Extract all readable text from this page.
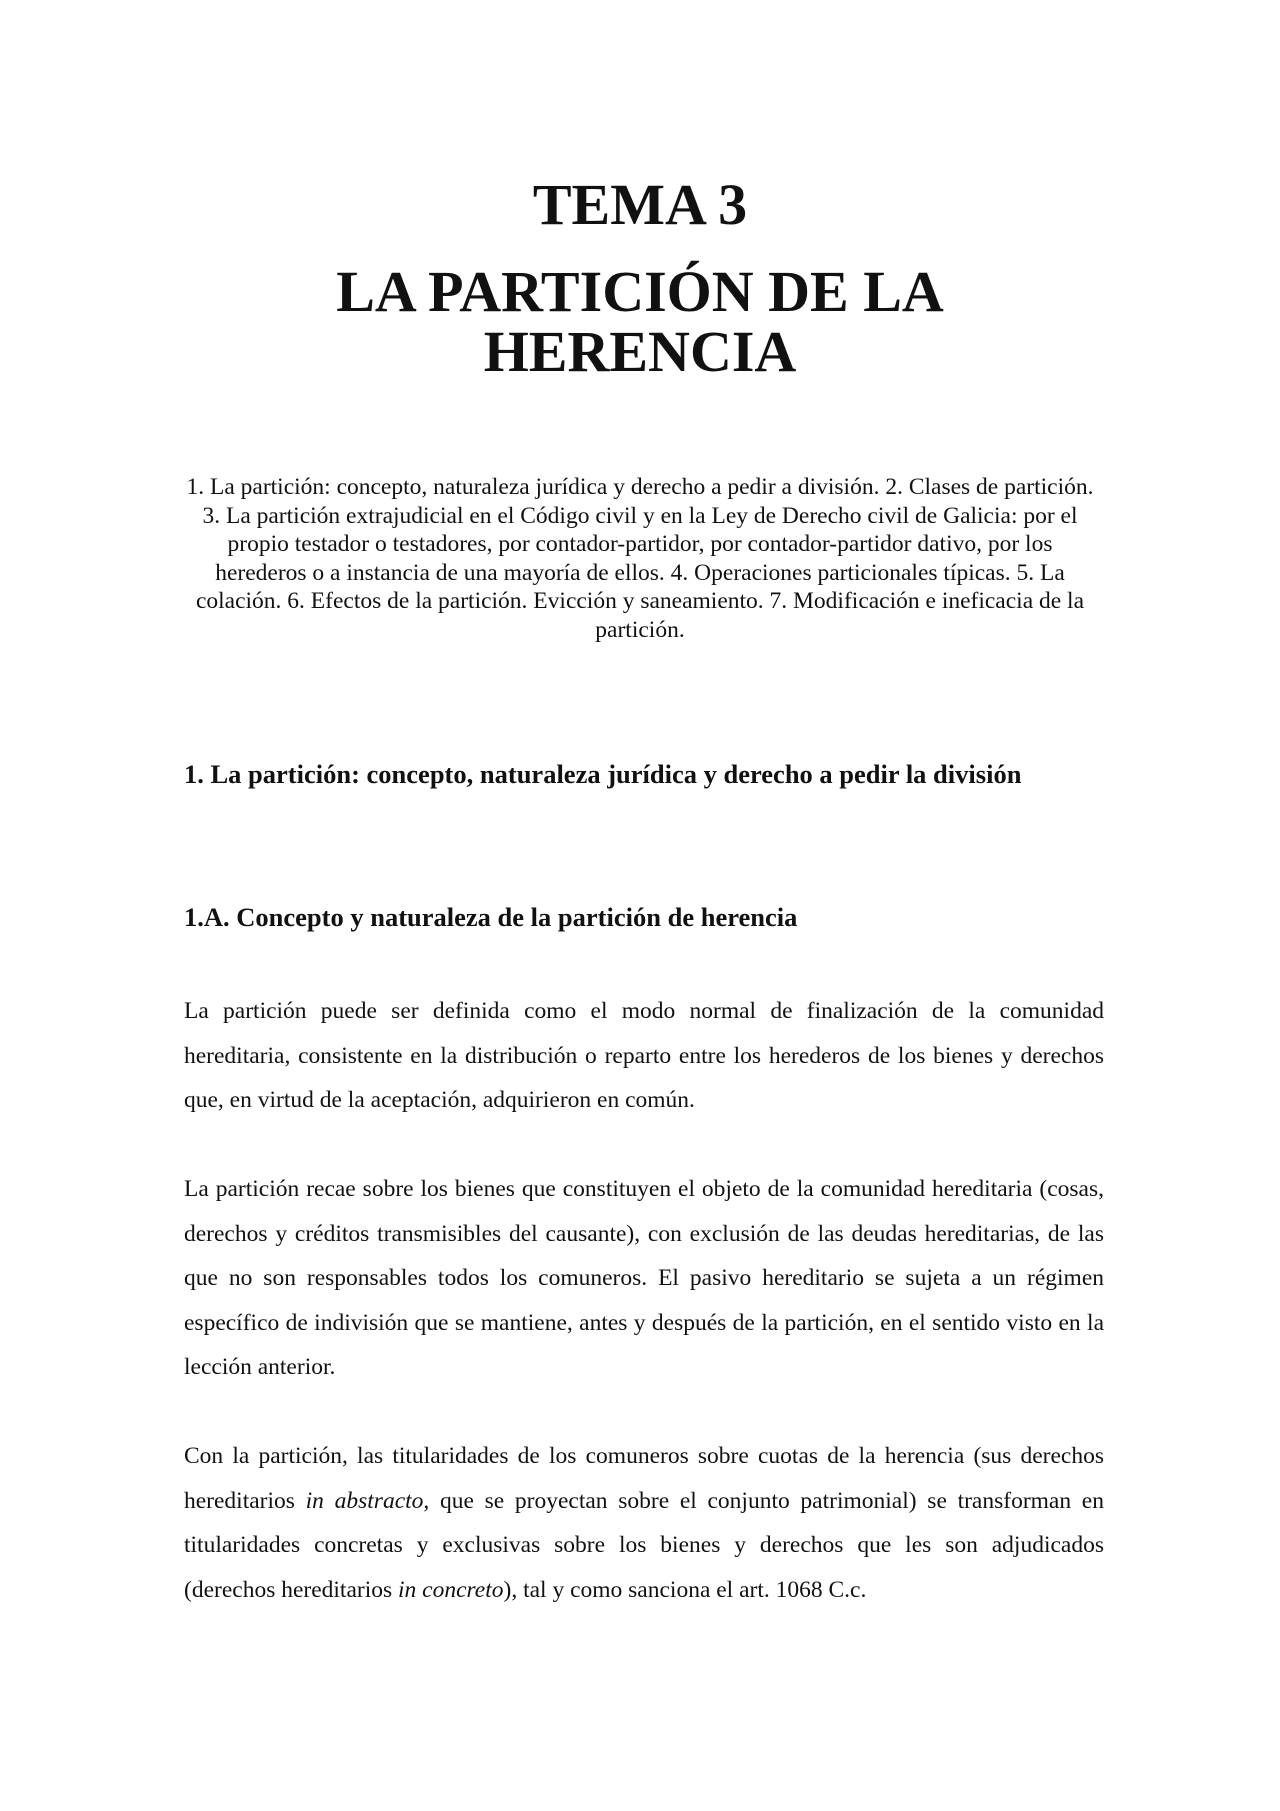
TEMA 3
LA PARTICIÓN DE LA HERENCIA
1. La partición: concepto, naturaleza jurídica y derecho a pedir a división. 2. Clases de partición. 3. La partición extrajudicial en el Código civil y en la Ley de Derecho civil de Galicia: por el propio testador o testadores, por contador-partidor, por contador-partidor dativo, por los herederos o a instancia de una mayoría de ellos. 4. Operaciones particionales típicas. 5. La colación. 6. Efectos de la partición. Evicción y saneamiento. 7. Modificación e ineficacia de la partición.
1. La partición: concepto, naturaleza jurídica y derecho a pedir la división
1.A. Concepto y naturaleza de la partición de herencia

La partición puede ser definida como el modo normal de finalización de la comunidad hereditaria, consistente en la distribución o reparto entre los herederos de los bienes y derechos que, en virtud de la aceptación, adquirieron en común.

La partición recae sobre los bienes que constituyen el objeto de la comunidad hereditaria (cosas, derechos y créditos transmisibles del causante), con exclusión de las deudas hereditarias, de las que no son responsables todos los comuneros. El pasivo hereditario se sujeta a un régimen específico de indivisión que se mantiene, antes y después de la partición, en el sentido visto en la lección anterior.

Con la partición, las titularidades de los comuneros sobre cuotas de la herencia (sus derechos hereditarios in abstracto, que se proyectan sobre el conjunto patrimonial) se transforman en titularidades concretas y exclusivas sobre los bienes y derechos que les son adjudicados (derechos hereditarios in concreto), tal y como sanciona el art. 1068 C.c.
